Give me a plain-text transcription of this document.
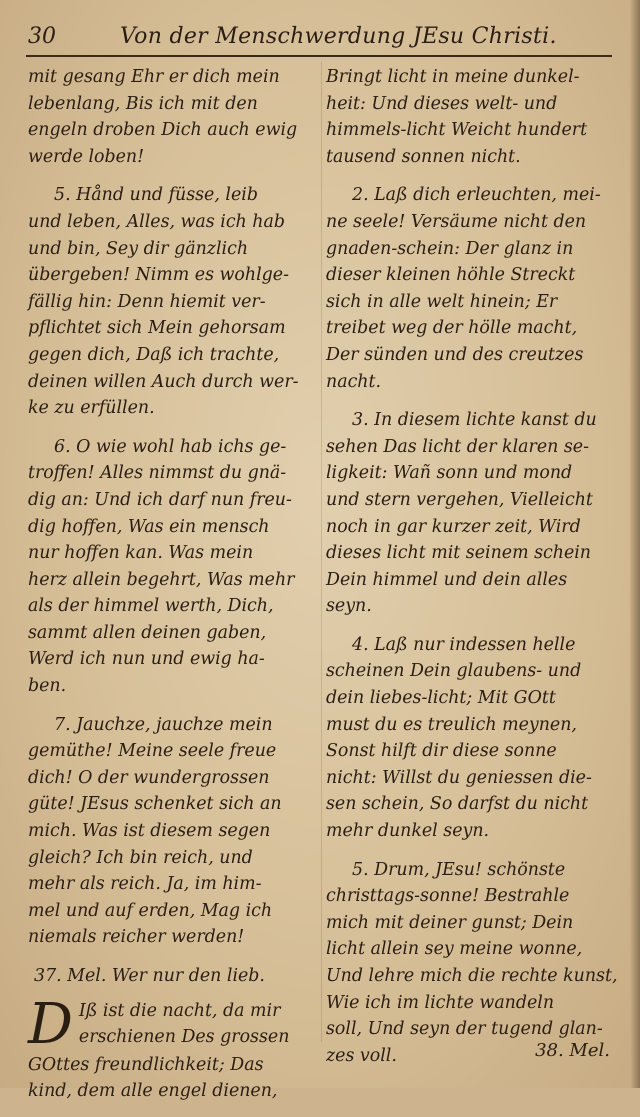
30	Von der Menschwerdung JEsu Christi.
mit gesang Ehr er dich mein
lebenlang, Bis ich mit den
engeln droben Dich auch ewig
werde loben!
5. Hånd und füsse, leib
und leben, Alles, was ich hab
und bin, Sey dir gänzlich
übergeben! Nimm es wohlge-
fällig hin: Denn hiemit ver-
pflichtet sich Mein gehorsam
gegen dich, Daß ich trachte,
deinen willen Auch durch wer-
ke zu erfüllen.
6. O wie wohl hab ichs ge-
troffen! Alles nimmst du gnä-
dig an: Und ich darf nun freu-
dig hoffen, Was ein mensch
nur hoffen kan. Was mein
herz allein begehrt, Was mehr
als der himmel werth, Dich,
sammt allen deinen gaben,
Werd ich nun und ewig ha-
ben.
7. Jauchze, jauchze mein
gemüthe! Meine seele freue
dich! O der wundergrossen
güte! JEsus schenket sich an
mich. Was ist diesem segen
gleich? Ich bin reich, und
mehr als reich. Ja, im him-
mel und auf erden, Mag ich
niemals reicher werden!
37. Mel. Wer nur den lieb.
D Iß ist die nacht, da mir
erschienen Des grossen
GOttes freundlichkeit; Das
kind, dem alle engel dienen,
Bringt licht in meine dunkel-
heit: Und dieses welt- und
himmels-licht Weicht hundert
tausend sonnen nicht.
2. Laß dich erleuchten, mei-
ne seele! Versäume nicht den
gnaden-schein: Der glanz in
dieser kleinen höhle Streckt
sich in alle welt hinein; Er
treibet weg der hölle macht,
Der sünden und des creutzes
nacht.
3. In diesem lichte kanst du
sehen Das licht der klaren se-
ligkeit: Wañ sonn und mond
und stern vergehen, Vielleicht
noch in gar kurzer zeit, Wird
dieses licht mit seinem schein
Dein himmel und dein alles
seyn.
4. Laß nur indessen helle
scheinen Dein glaubens- und
dein liebes-licht; Mit GOtt
must du es treulich meynen,
Sonst hilft dir diese sonne
nicht: Willst du geniessen die-
sen schein, So darfst du nicht
mehr dunkel seyn.
5. Drum, JEsu! schönste
christtags-sonne! Bestrahle
mich mit deiner gunst; Dein
licht allein sey meine wonne,
Und lehre mich die rechte kunst,
Wie ich im lichte wandeln
soll, Und seyn der tugend glan-
zes voll.	38. Mel.
